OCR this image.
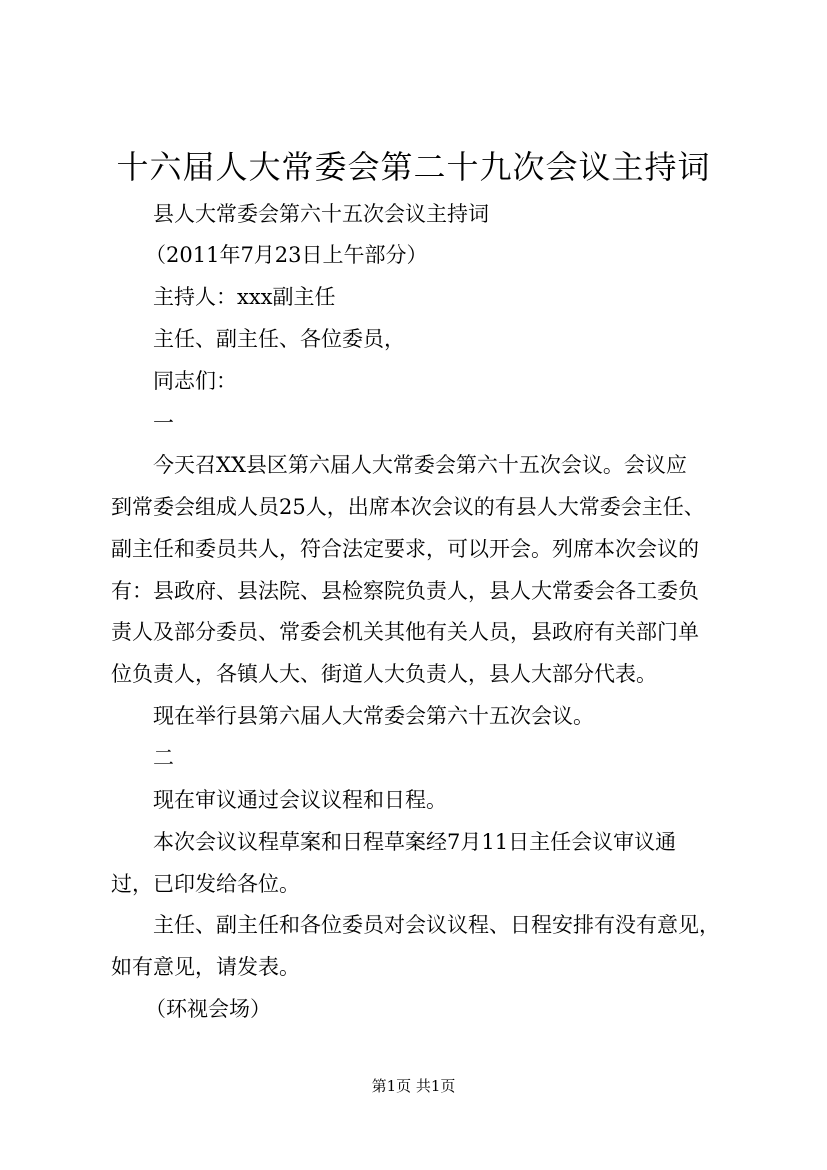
十六届人大常委会第二十九次会议主持词
县人大常委会第六十五次会议主持词
（2011年7月23日上午部分）
主持人：xxx副主任
主任、副主任、各位委员，
同志们：
一
今天召XX县区第六届人大常委会第六十五次会议。会议应
到常委会组成人员25人，出席本次会议的有县人大常委会主任、
副主任和委员共人，符合法定要求，可以开会。列席本次会议的
有：县政府、县法院、县检察院负责人，县人大常委会各工委负
责人及部分委员、常委会机关其他有关人员，县政府有关部门单
位负责人，各镇人大、街道人大负责人，县人大部分代表。
现在举行县第六届人大常委会第六十五次会议。
二
现在审议通过会议议程和日程。
本次会议议程草案和日程草案经7月11日主任会议审议通
过，已印发给各位。
主任、副主任和各位委员对会议议程、日程安排有没有意见，
如有意见，请发表。
（环视会场）
第1页 共1页
